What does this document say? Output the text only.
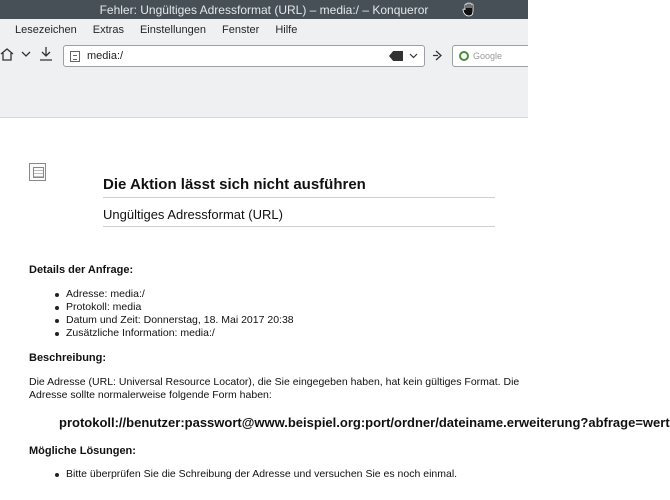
Fehler: Ungültiges Adressformat (URL) – media:/ – Konqueror
Lesezeichen	Extras	Einstellungen	Fenster	Hilfe
media:/	Google
Die Aktion lässt sich nicht ausführen
Ungültiges Adressformat (URL)
Details der Anfrage:
Adresse: media:/
Protokoll: media
Datum und Zeit: Donnerstag, 18. Mai 2017 20:38
Zusätzliche Information: media:/
Beschreibung:
Die Adresse (URL: Universal Resource Locator), die Sie eingegeben haben, hat kein gültiges Format. Die Adresse sollte normalerweise folgende Form haben:
protokoll://benutzer:passwort@www.beispiel.org:port/ordner/dateiname.erweiterung?abfrage=wert
Mögliche Lösungen:
Bitte überprüfen Sie die Schreibung der Adresse und versuchen Sie es noch einmal.
